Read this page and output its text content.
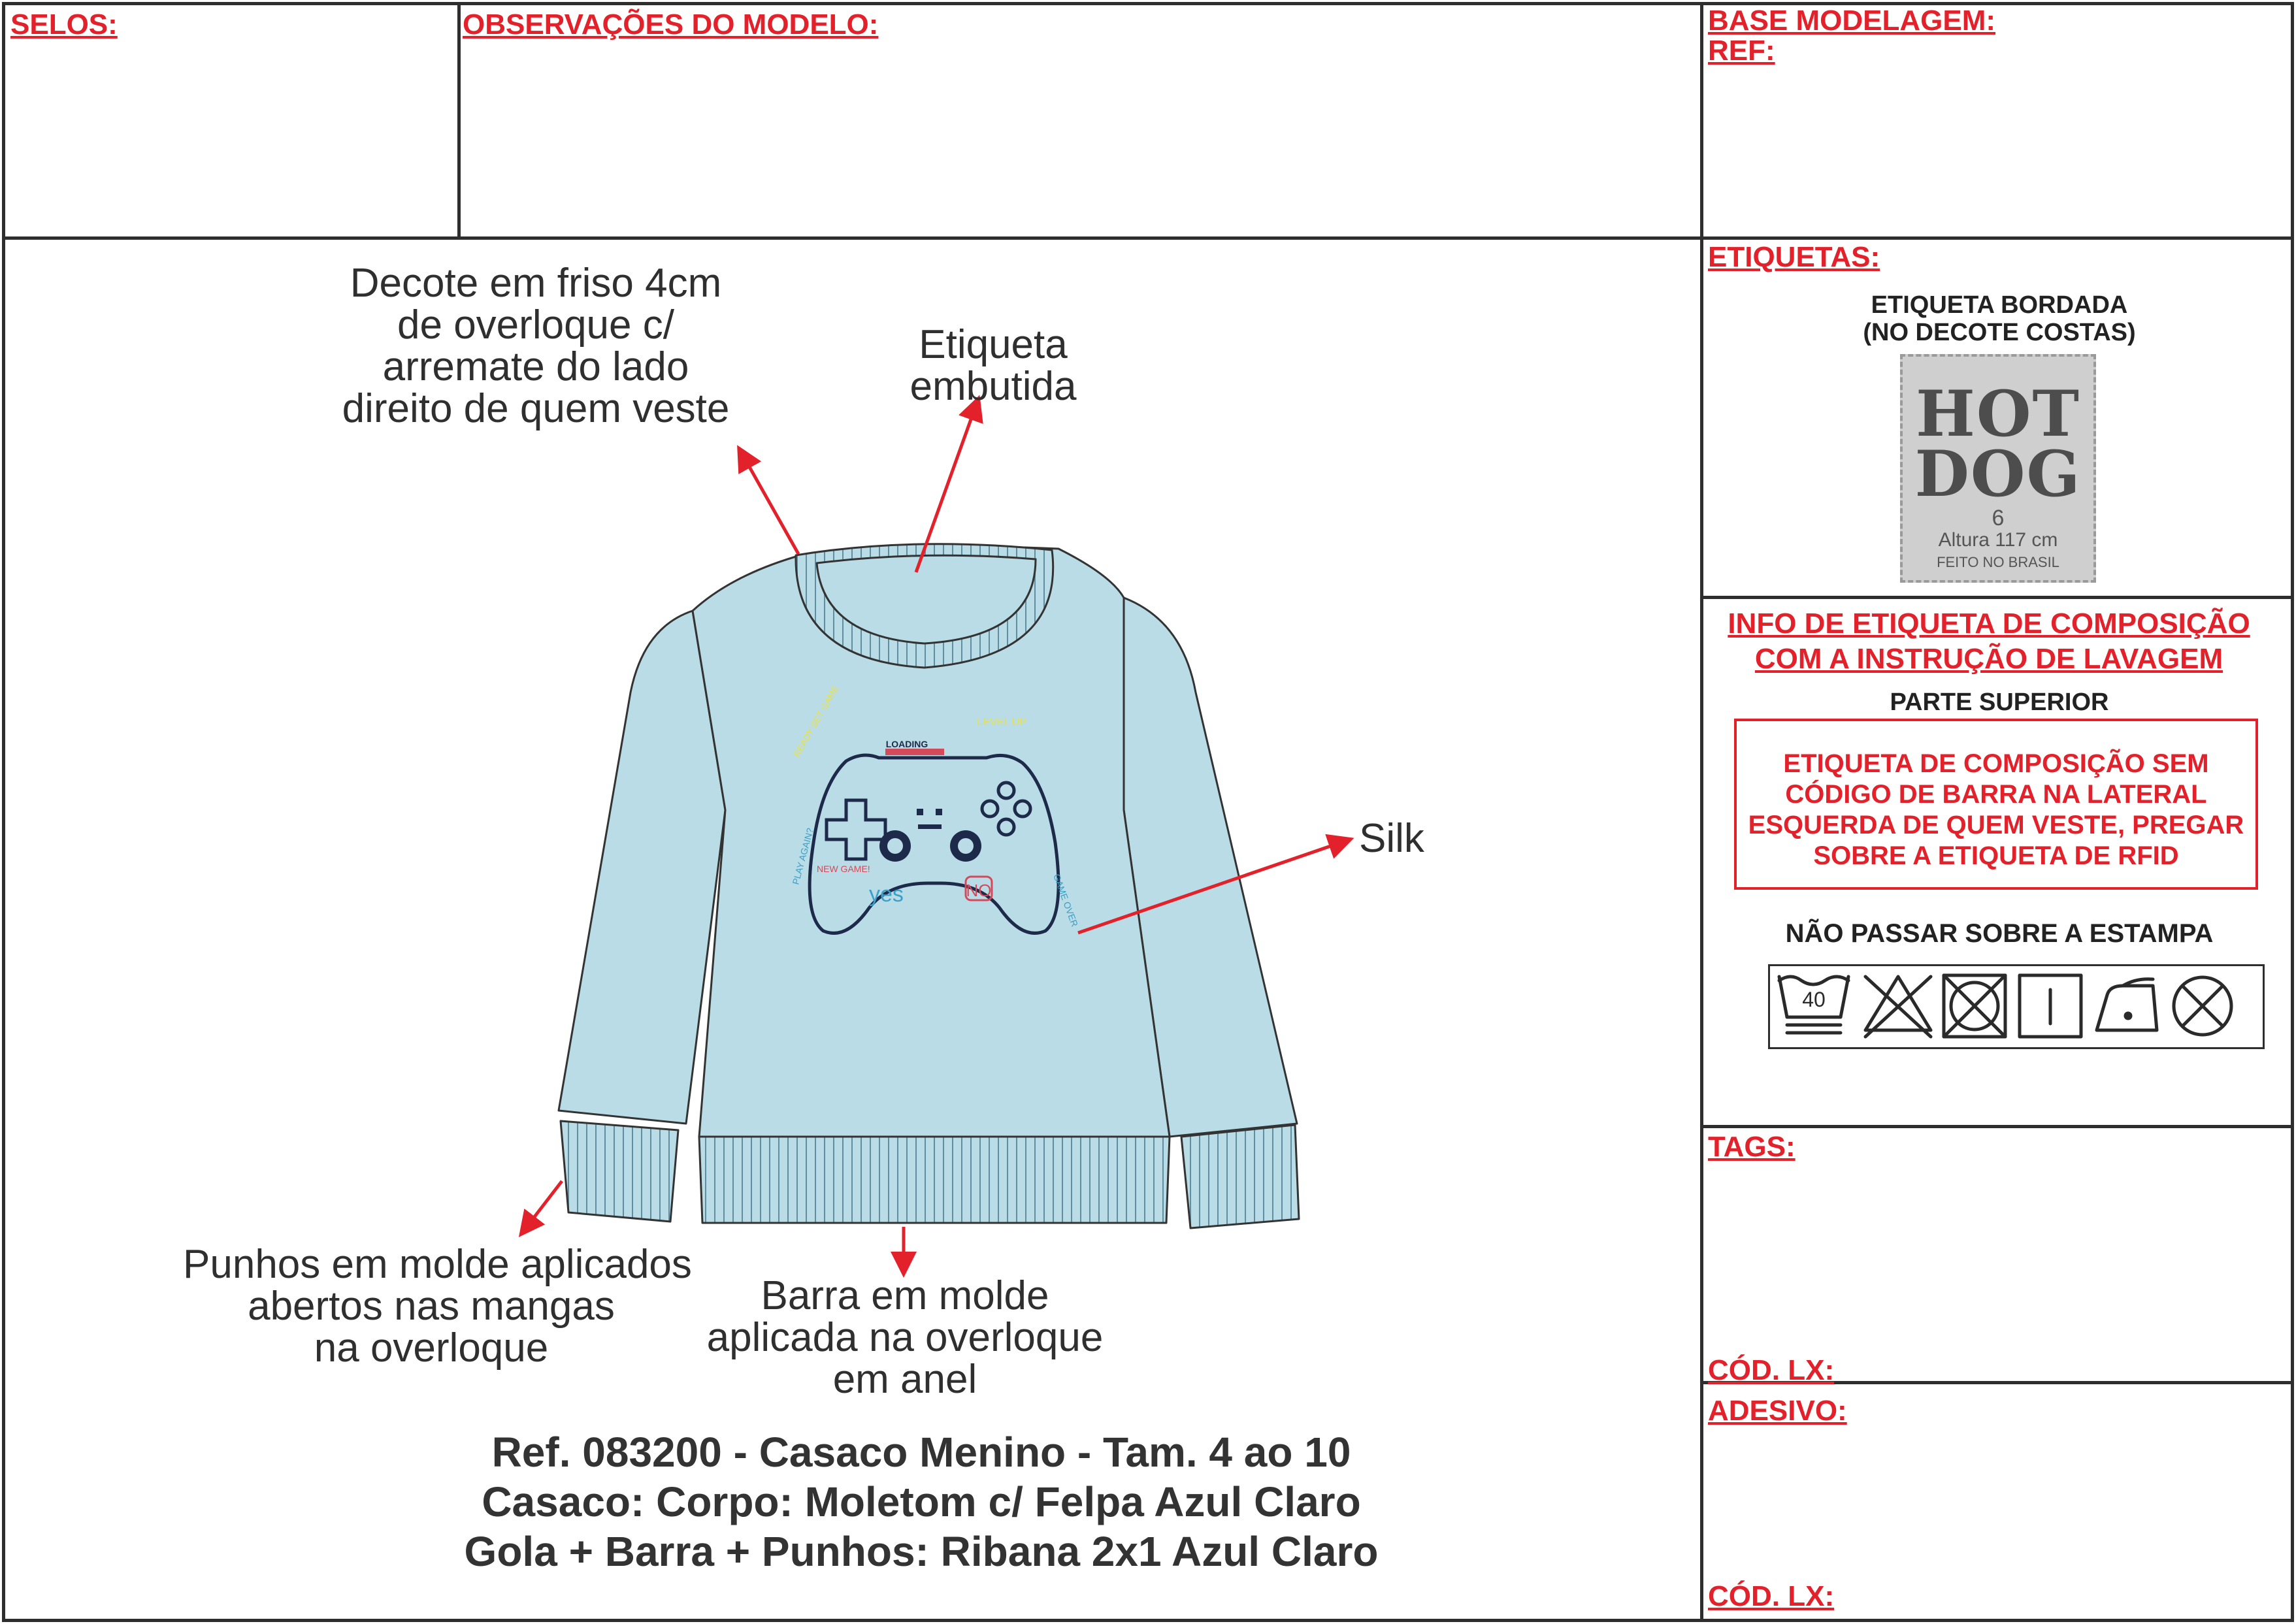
SELOS:	OBSERVAÇÕES DO MODELO:	BASE MODELAGEM:
REF:
ETIQUETAS:
ETIQUETA BORDADA
(NO DECOTE COSTAS)
HOT
DOG
6
Altura 117 cm
FEITO NO BRASIL
INFO DE ETIQUETA DE COMPOSIÇÃO
COM A INSTRUÇÃO DE LAVAGEM
PARTE SUPERIOR
ETIQUETA DE COMPOSIÇÃO SEM
CÓDIGO DE BARRA NA LATERAL
ESQUERDA DE QUEM VESTE, PREGAR
SOBRE A ETIQUETA DE RFID
NÃO PASSAR SOBRE A ESTAMPA
40
TAGS:
CÓD. LX:
ADESIVO:
CÓD. LX:
LOADING
READY SET GAME	LEVEL UP
PLAY AGAIN? NEW GAME!
yes	NO	GAME OVER
Decote em friso 4cm
de overloque c/
arremate do lado
direito de quem veste
Etiqueta
embutida
Silk
Punhos em molde aplicados
abertos nas mangas
na overloque
Barra em molde
aplicada na overloque
em anel
Ref. 083200 - Casaco Menino - Tam. 4 ao 10
Casaco: Corpo: Moletom c/ Felpa Azul Claro
Gola + Barra + Punhos: Ribana 2x1 Azul Claro
